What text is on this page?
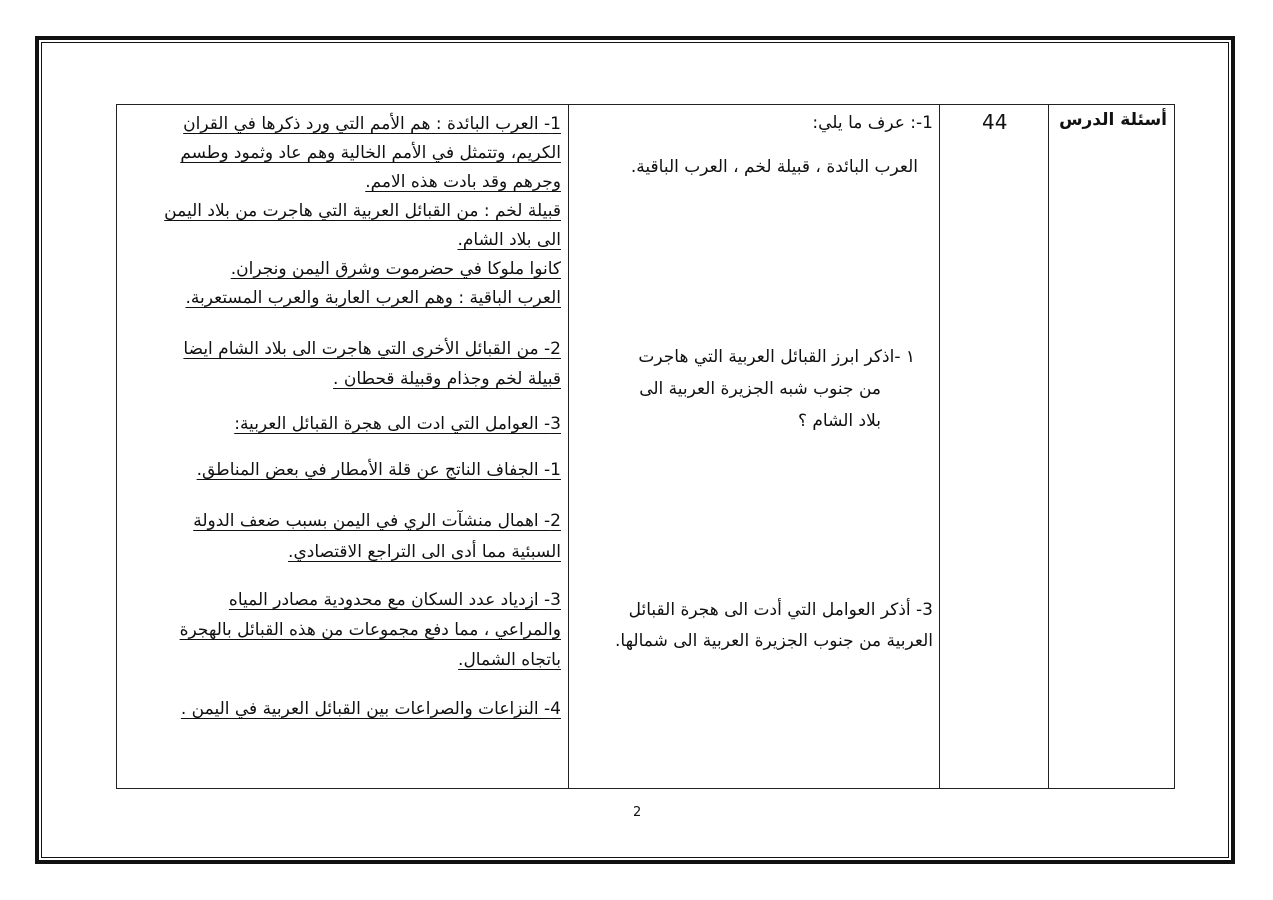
أسئلة الدرس
44
1-: عرف ما يلي:
العرب البائدة ، قبيلة لخم ، العرب الباقية.
١ -اذكر ابرز القبائل العربية التي هاجرت
من جنوب شبه الجزيرة العربية الى
بلاد الشام ؟
3- أذكر العوامل التي أدت الى هجرة القبائل
العربية من جنوب الجزيرة العربية الى شمالها.
1- العرب البائدة : هم الأمم التي ورد ذكرها في القران
الكريم، وتتمثل في الأمم الخالية وهم عاد وثمود وطسم
وجرهم وقد بادت هذه الامم.
قبيلة لخم : من القبائل العربية التي هاجرت من بلاد اليمن
الى بلاد الشام.
كانوا ملوكا في حضرموت وشرق اليمن ونجران.
العرب الباقية : وهم العرب العاربة والعرب المستعربة.
2- من القبائل الأخرى التي هاجرت الى بلاد الشام ايضا
قبيلة لخم وجذام وقبيلة قحطان .
3- العوامل التي ادت الى هجرة القبائل العربية:
1- الجفاف الناتج عن قلة الأمطار في بعض المناطق.
2- اهمال منشآت الري في اليمن بسبب ضعف الدولة
السبئية مما أدى الى التراجع الاقتصادي.
3- ازدياد عدد السكان مع محدودية مصادر المياه
والمراعي ، مما دفع مجموعات من هذه القبائل بالهجرة
باتجاه الشمال.
4- النزاعات والصراعات بين القبائل العربية في اليمن .
2
